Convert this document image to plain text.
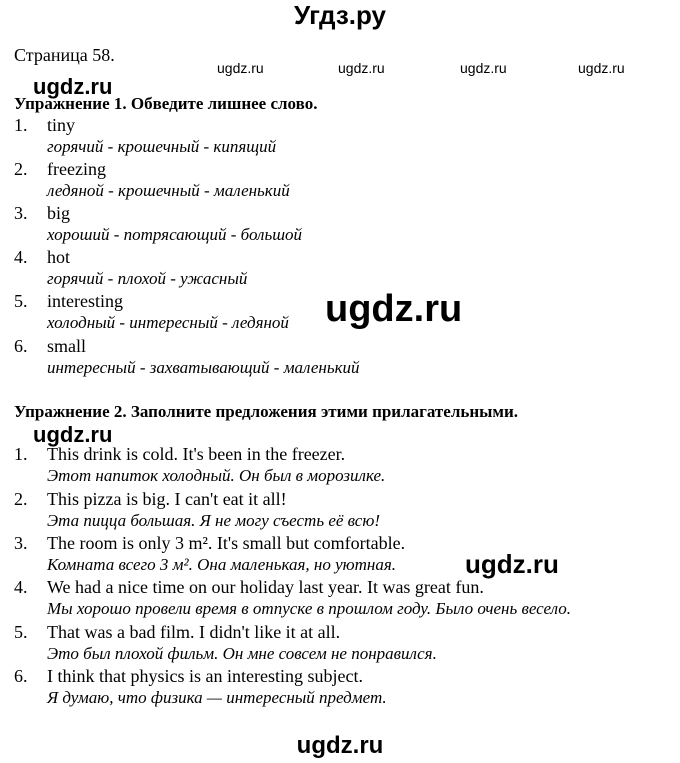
Угдз.ру
Страница 58.
ugdz.ru	ugdz.ru	ugdz.ru	ugdz.ru
ugdz.ru
Упражнение 1. Обведите лишнее слово.
1. tiny
горячий - крошечный - кипящий
2. freezing
ледяной - крошечный - маленький
3. big
хороший - потрясающий - большой
4. hot
горячий - плохой - ужасный
5. interesting
холодный - интересный - ледяной ugdz.ru
6. small
интересный - захватывающий - маленький
Упражнение 2. Заполните предложения этими прилагательными.
ugdz.ru
1. This drink is cold. It's been in the freezer.
Этот напиток холодный. Он был в морозилке.
2. This pizza is big. I can't eat it all!
Эта пицца большая. Я не могу съесть её всю!
3. The room is only 3 m². It's small but comfortable.
Комната всего 3 м². Она маленькая, но уютная.	ugdz.ru
4. We had a nice time on our holiday last year. It was great fun.
Мы хорошо провели время в отпуске в прошлом году. Было очень весело.
5. That was a bad film. I didn't like it at all.
Это был плохой фильм. Он мне совсем не понравился.
6. I think that physics is an interesting subject.
Я думаю, что физика — интересный предмет.
ugdz.ru
